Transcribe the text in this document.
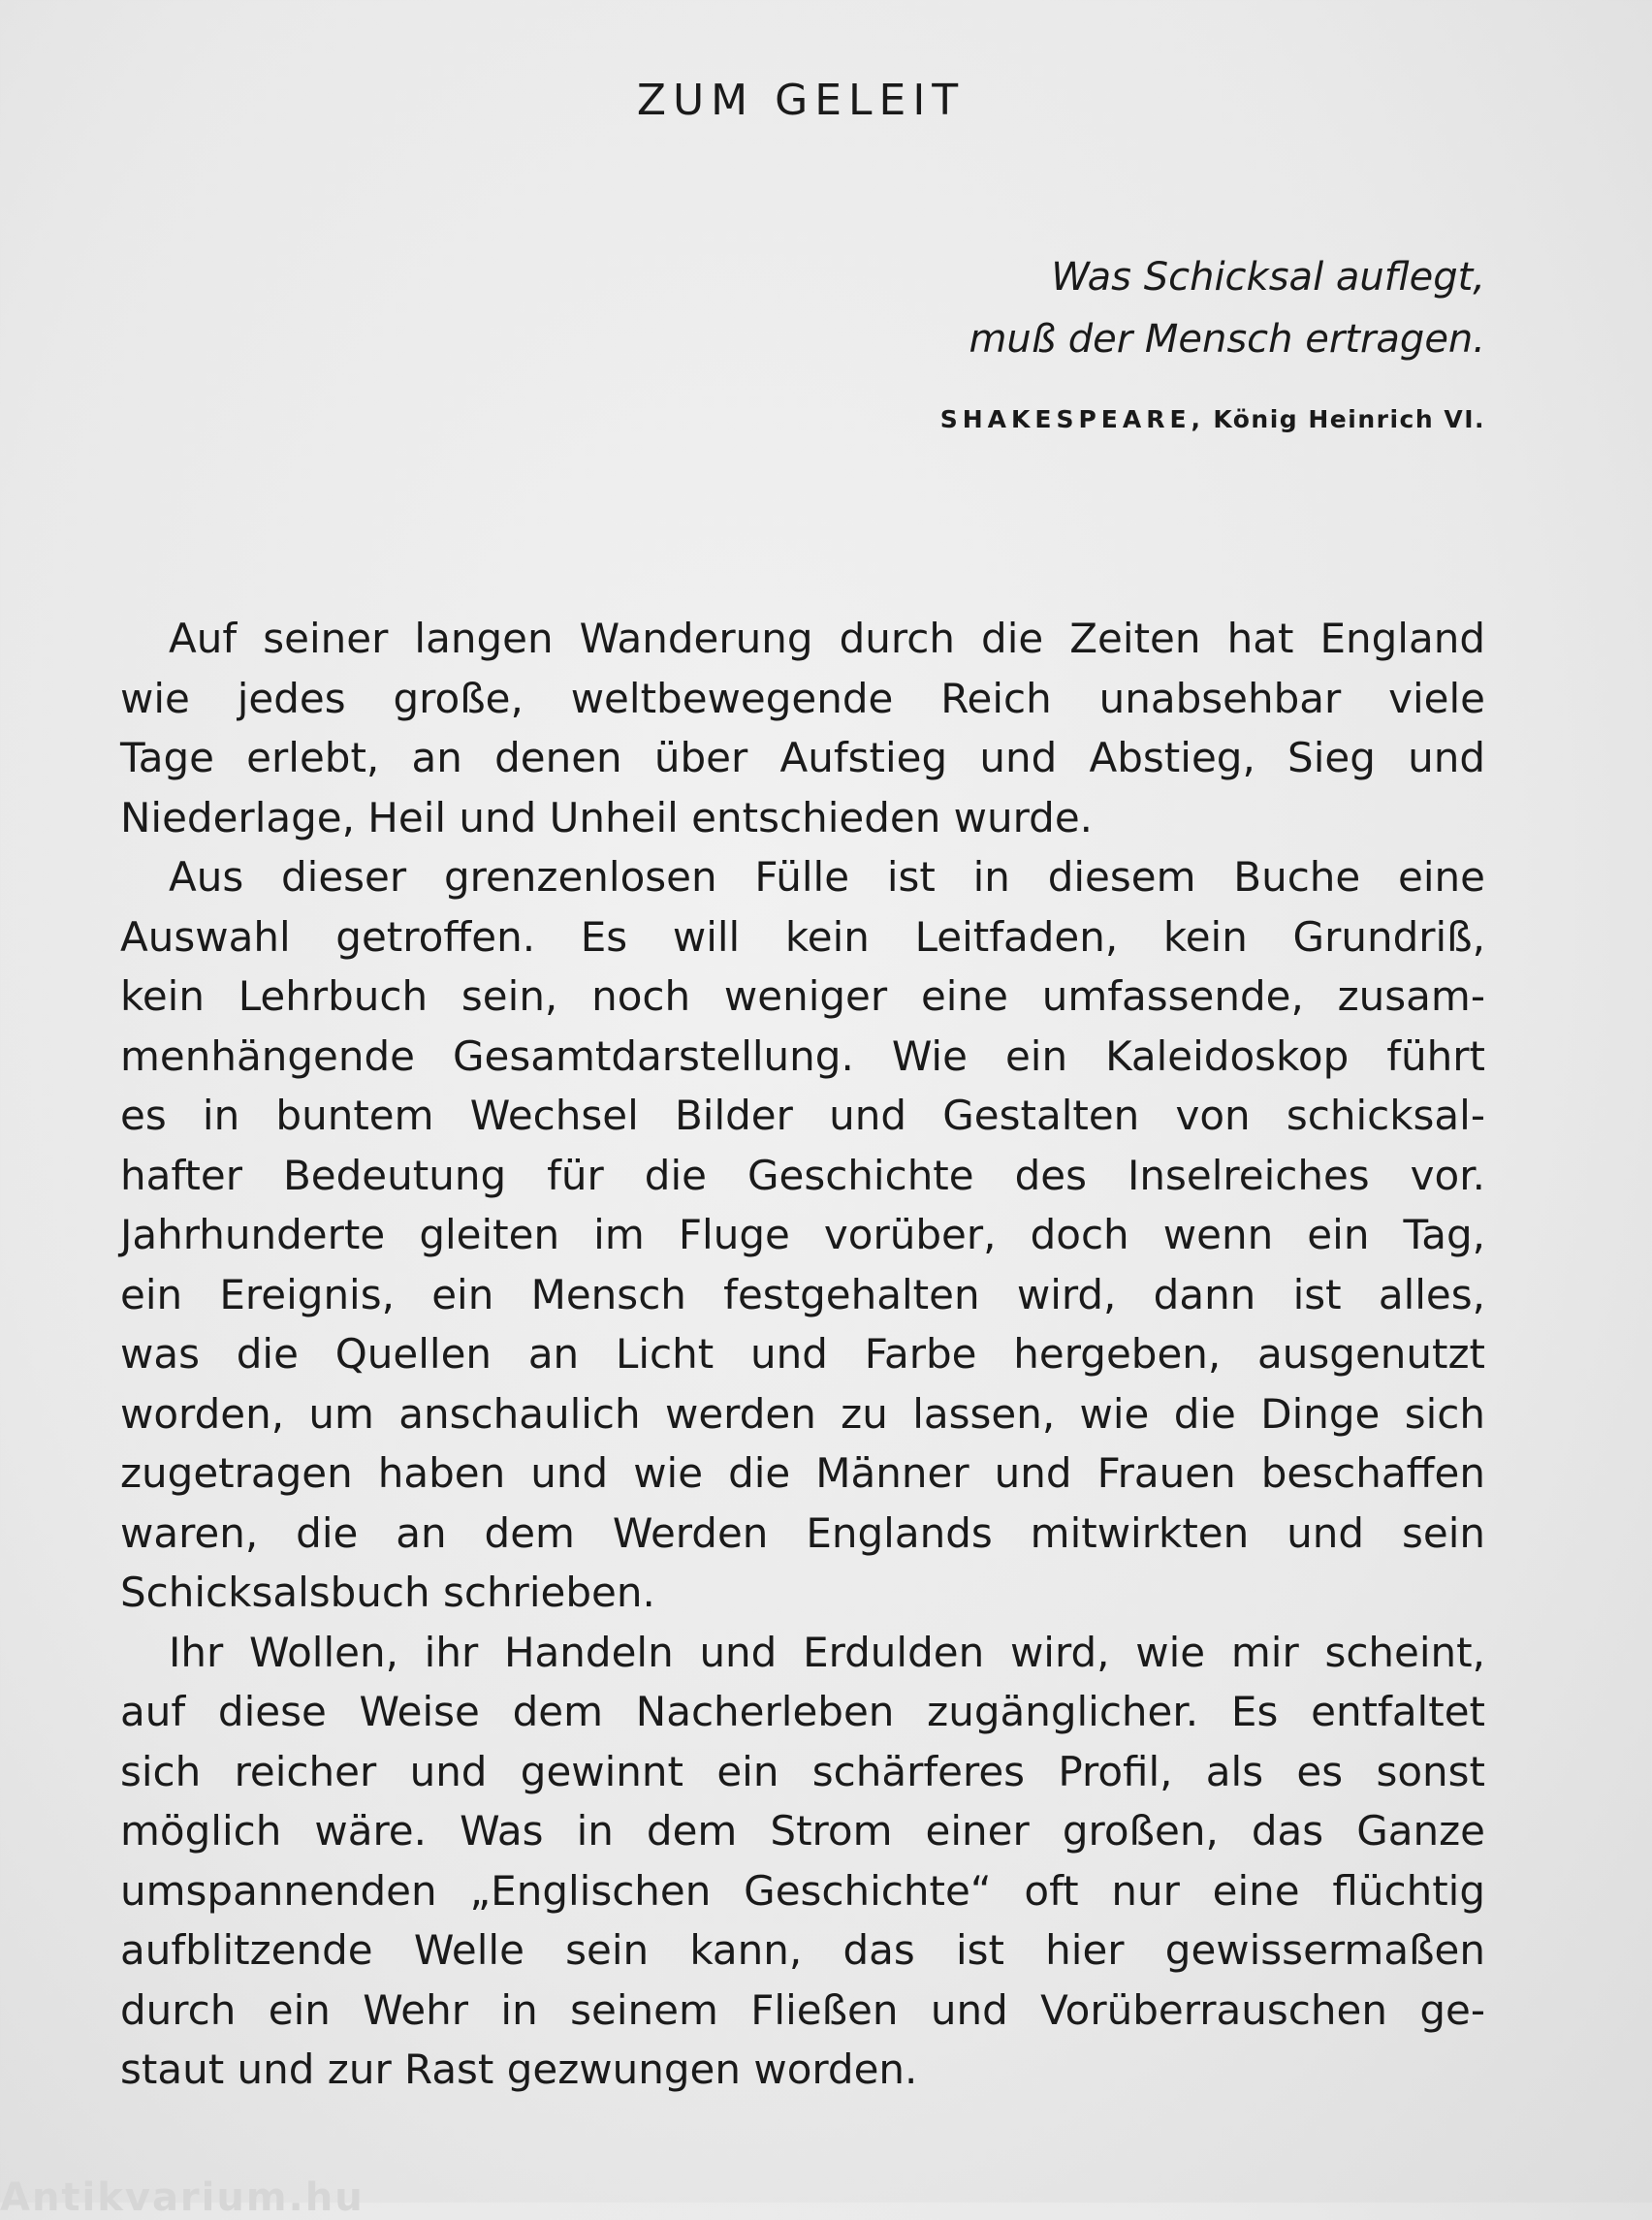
ZUM GELEIT
Was Schicksal auflegt,
muß der Mensch ertragen.
SHAKESPEARE, König Heinrich VI.

Auf seiner langen Wanderung durch die Zeiten hat England
wie jedes große, weltbewegende Reich unabsehbar viele
Tage erlebt, an denen über Aufstieg und Abstieg, Sieg und
Niederlage, Heil und Unheil entschieden wurde.

Aus dieser grenzenlosen Fülle ist in diesem Buche eine
Auswahl getroffen. Es will kein Leitfaden, kein Grundriß,
kein Lehrbuch sein, noch weniger eine umfassende, zusam-
menhängende Gesamtdarstellung. Wie ein Kaleidoskop führt
es in buntem Wechsel Bilder und Gestalten von schicksal-
hafter Bedeutung für die Geschichte des Inselreiches vor.
Jahrhunderte gleiten im Fluge vorüber, doch wenn ein Tag,
ein Ereignis, ein Mensch festgehalten wird, dann ist alles,
was die Quellen an Licht und Farbe hergeben, ausgenutzt
worden, um anschaulich werden zu lassen, wie die Dinge sich
zugetragen haben und wie die Männer und Frauen beschaffen
waren, die an dem Werden Englands mitwirkten und sein
Schicksalsbuch schrieben.

Ihr Wollen, ihr Handeln und Erdulden wird, wie mir scheint,
auf diese Weise dem Nacherleben zugänglicher. Es entfaltet
sich reicher und gewinnt ein schärferes Profil, als es sonst
möglich wäre. Was in dem Strom einer großen, das Ganze
umspannenden „Englischen Geschichte“ oft nur eine flüchtig
aufblitzende Welle sein kann, das ist hier gewissermaßen
durch ein Wehr in seinem Fließen und Vorüberrauschen ge-
staut und zur Rast gezwungen worden.

Antikvarium.hu
